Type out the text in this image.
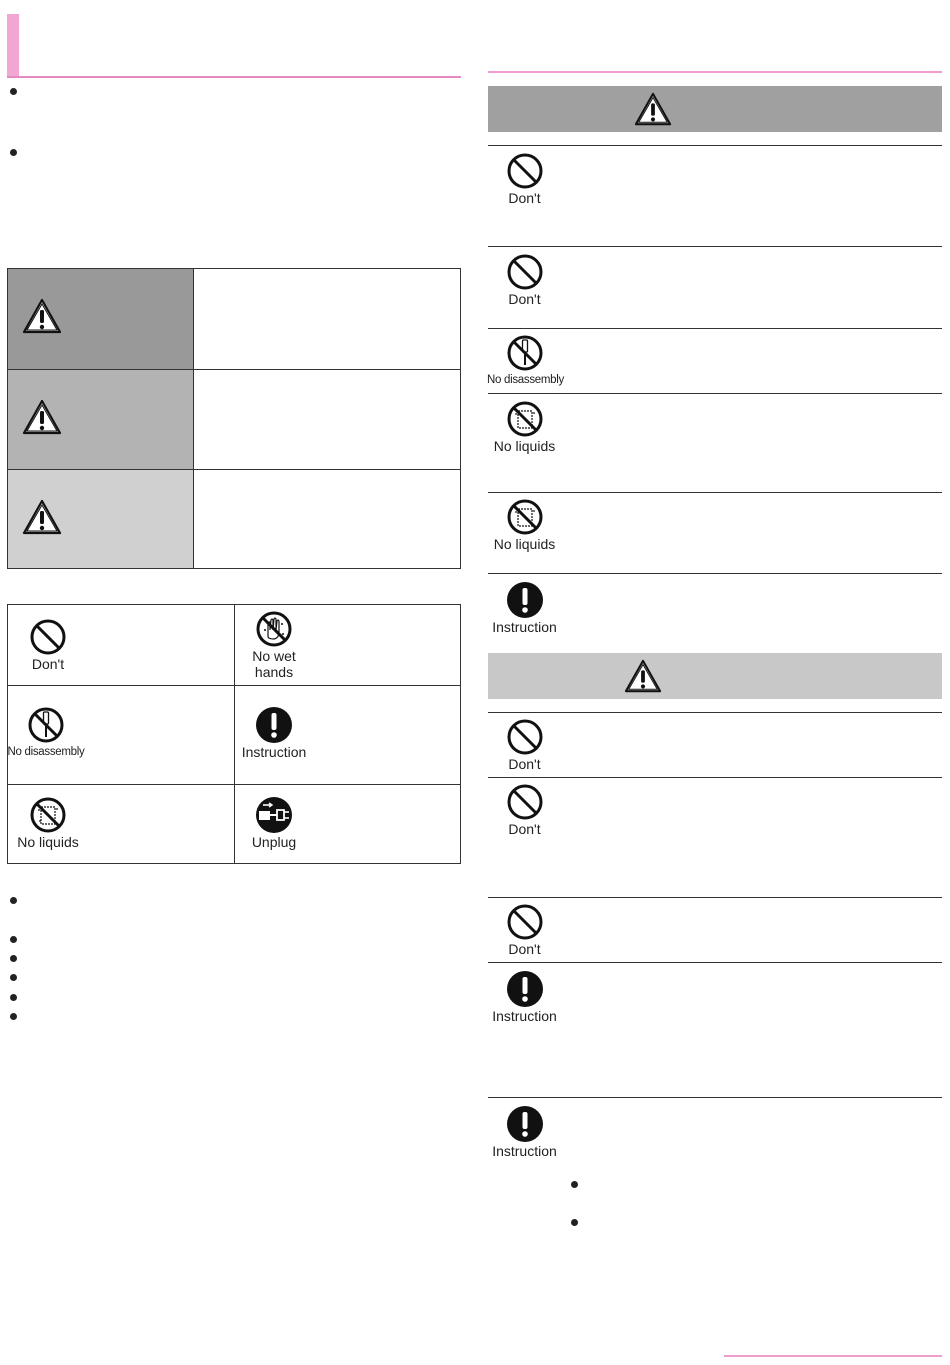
Don't	No wet hands
No disassembly	Instruction
No liquids	Unplug
Don't
Don't
No disassembly
No liquids
No liquids
Instruction
Don't
Don't
Don't
Instruction
Instruction
